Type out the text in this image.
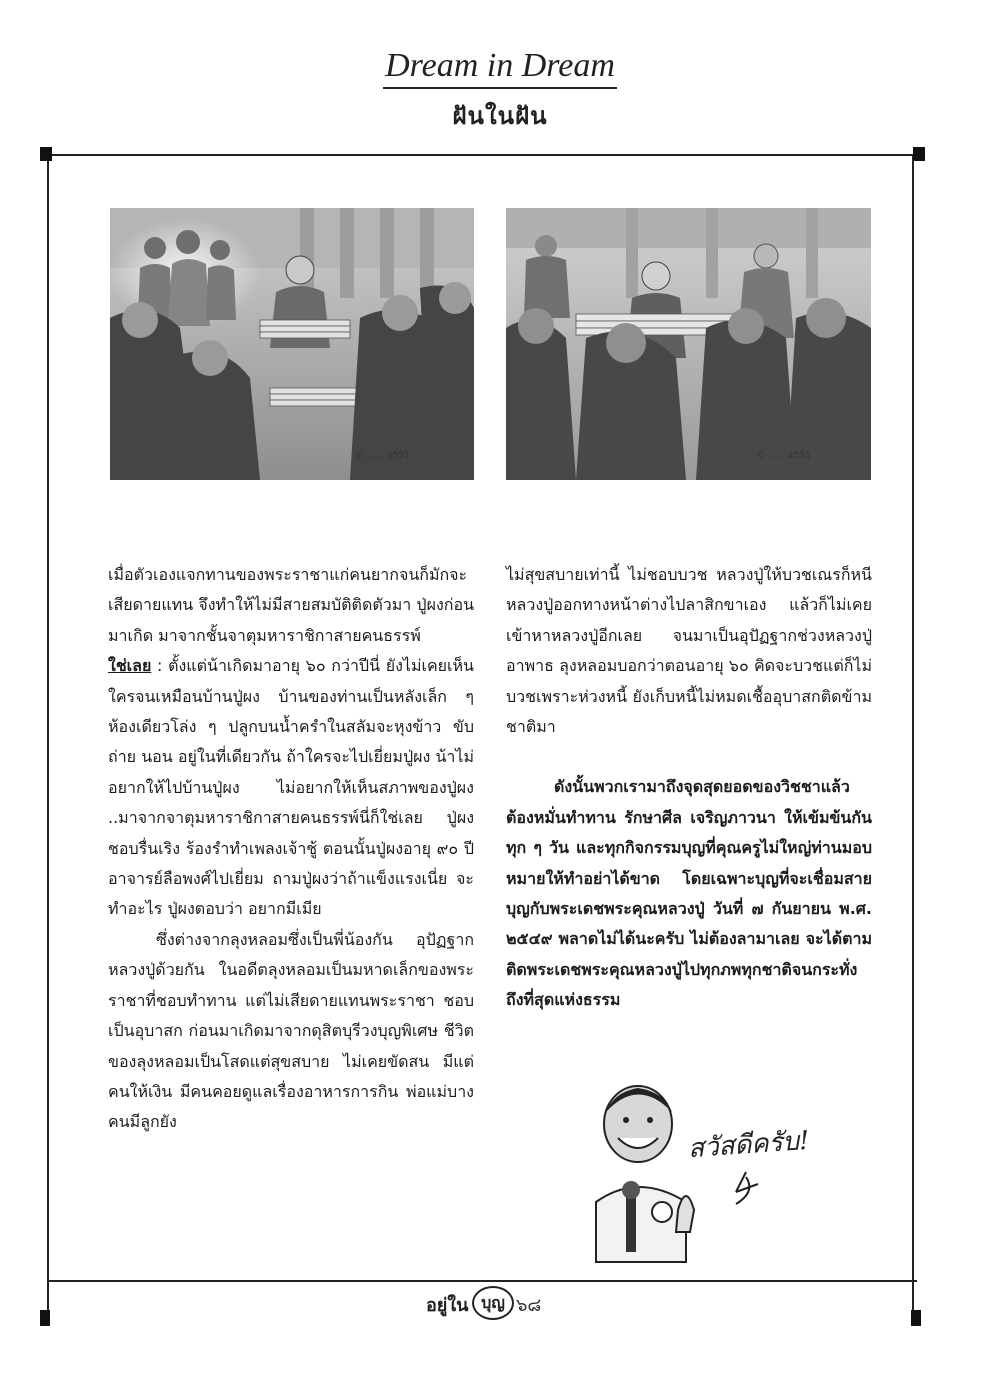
Dream in Dream
ฝันในฝัน
© ...... 2551	© ...... 2551

เมื่อตัวเองแจกทานของพระราชาแก่คนยากจนก็มักจะเสียดายแทน จึงทำให้ไม่มีสายสมบัติติดตัวมา ปู่ผงก่อนมาเกิด มาจากชั้นจาตุมหาราชิกาสายคนธรรพ์

ใช่เลย : ตั้งแต่น้าเกิดมาอายุ ๖๐ กว่าปีนี่ ยังไม่เคยเห็นใครจนเหมือนบ้านปู่ผง บ้านของท่านเป็นหลังเล็ก ๆ ห้องเดียวโล่ง ๆ ปลูกบนน้ำครำในสลัมจะหุงข้าว ขับถ่าย นอน อยู่ในที่เดียวกัน ถ้าใครจะไปเยี่ยมปู่ผง น้าไม่อยากให้ไปบ้านปู่ผง ไม่อยากให้เห็นสภาพของปู่ผง ..มาจากจาตุมหาราชิกาสายคนธรรพ์นี่ก็ใช่เลย ปู่ผงชอบรื่นเริง ร้องรำทำเพลงเจ้าชู้ ตอนนั้นปู่ผงอายุ ๙๐ ปี อาจารย์ลือพงศ์ไปเยี่ยม ถามปู่ผงว่าถ้าแข็งแรงเนี่ย จะทำอะไร ปู่ผงตอบว่า อยากมีเมีย

ซึ่งต่างจากลุงหลอมซึ่งเป็นพี่น้องกัน อุปัฏฐากหลวงปู่ด้วยกัน ในอดีตลุงหลอมเป็นมหาดเล็กของพระราชาที่ชอบทำทาน แต่ไม่เสียดายแทนพระราชา ชอบเป็นอุบาสก ก่อนมาเกิดมาจากดุสิตบุรีวงบุญพิเศษ ชีวิตของลุงหลอมเป็นโสดแต่สุขสบาย ไม่เคยขัดสน มีแต่คนให้เงิน มีคนคอยดูแลเรื่องอาหารการกิน พ่อแม่บางคนมีลูกยัง

ไม่สุขสบายเท่านี้ ไม่ชอบบวช หลวงปู่ให้บวชเณรก็หนีหลวงปู่ออกทางหน้าต่างไปลาสิกขาเอง แล้วก็ไม่เคยเข้าหาหลวงปู่อีกเลย จนมาเป็นอุปัฏฐากช่วงหลวงปู่อาพาธ ลุงหลอมบอกว่าตอนอายุ ๖๐ คิดจะบวชแต่ก็ไม่บวชเพราะห่วงหนี้ ยังเก็บหนี้ไม่หมดเชื้ออุบาสกติดข้ามชาติมา

ดังนั้นพวกเรามาถึงจุดสุดยอดของวิชชาแล้ว ต้องหมั่นทำทาน รักษาศีล เจริญภาวนา ให้เข้มข้นกันทุก ๆ วัน และทุกกิจกรรมบุญที่คุณครูไม่ใหญ่ท่านมอบหมายให้ทำอย่าได้ขาด โดยเฉพาะบุญที่จะเชื่อมสายบุญกับพระเดชพระคุณหลวงปู่ วันที่ ๗ กันยายน พ.ศ. ๒๕๔๙ พลาดไม่ได้นะครับ ไม่ต้องลามาเลย จะได้ตามติดพระเดชพระคุณหลวงปู่ไปทุกภพทุกชาติจนกระทั่งถึงที่สุดแห่งธรรม

สวัสดีครับ!
อยู่ใน บุญ ๖๘
